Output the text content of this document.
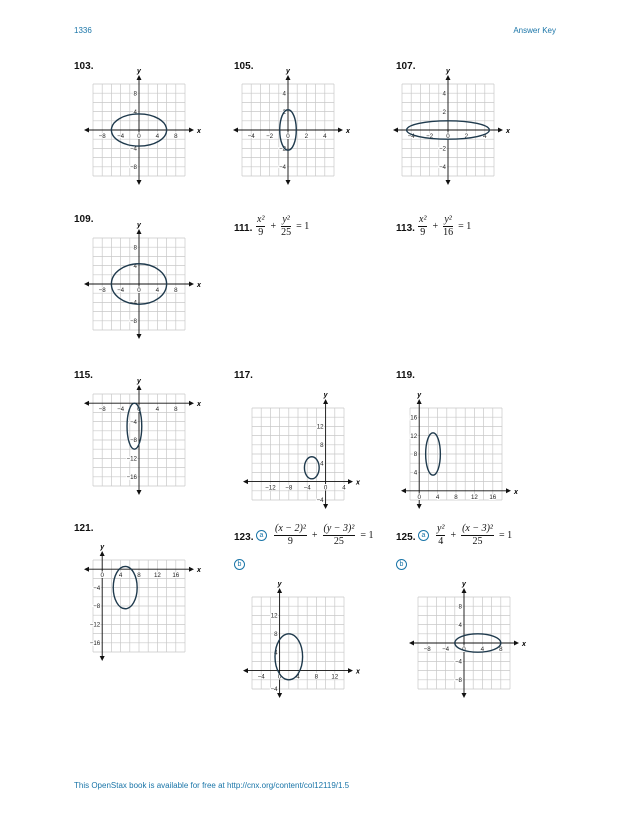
1336	Answer Key
103.	105.	107.
109.
111.	113.
$\frac{\text{x²}}{9} + \frac{\text{y²}}{25} = 1$	$\frac{\text{x²}}{9} + \frac{\text{y²}}{16} = 1$
115.	117.	119.
121.
123.	125.
a	$\frac{\text{(x − 2)²}}{9} + \frac{\text{(y − 3)²}}{25} = 1$
b
a	$\frac{\text{y²}}{4} + \frac{\text{(x − 3)²}}{25} = 1$
b
x
y
−8 −4 0 4 8
8
4
−4
−8
x
y
−4 −2 0 2 4
4
2
−2
−4
x
y
−4 −2 0 2 4
4
2
−2
−4
x
y
−8 −4 0 4 8
8
4
−4
−8
x
y
−8 −4 0 4 8
−4
−8
−12
−16
x
y
−12 −8 −4 0 4
12
8
4
−4
x
y
0 4 8 12 16
16
12
8
4
x
y
0 4 8 12 16
−4
−8
−12
−16
x
y
−4 0 4 8 12
12
8
4
−4
x
y
−8 −4 0 4 8
8
4
−4
−8
This OpenStax book is available for free at http://cnx.org/content/col12119/1.5
